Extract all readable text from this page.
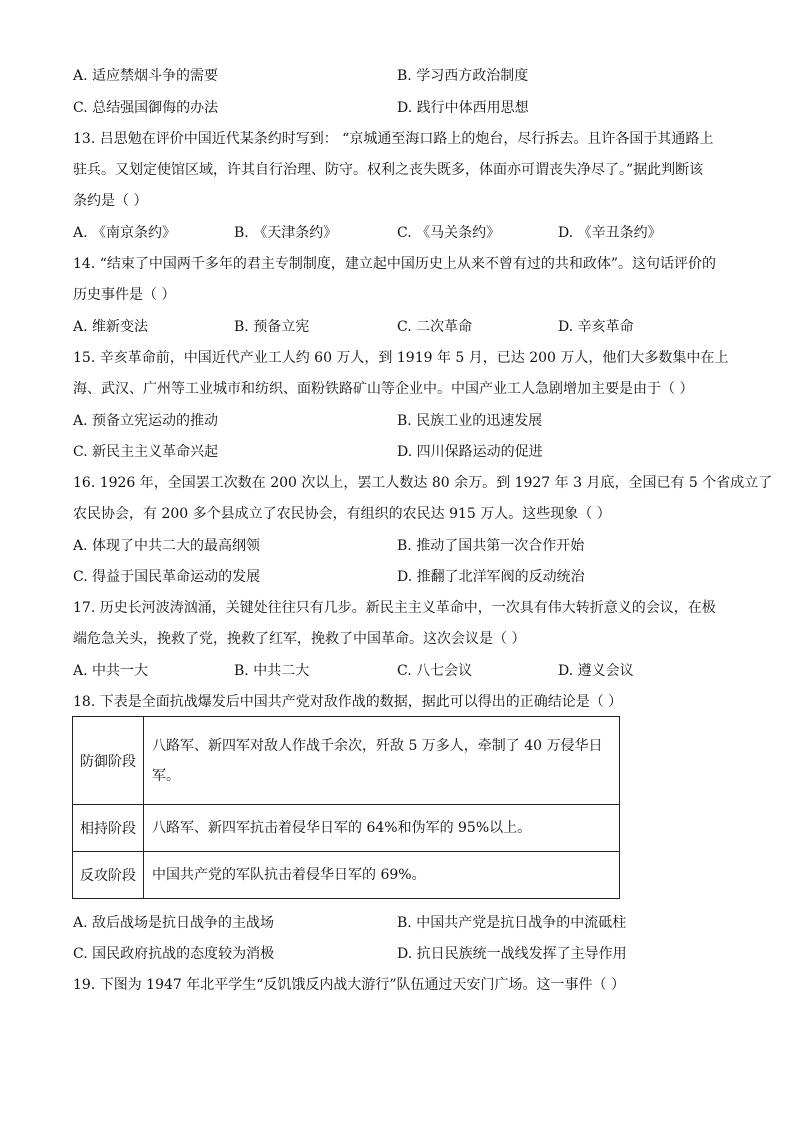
A. 适应禁烟斗争的需要	B. 学习西方政治制度
C. 总结强国御侮的办法	D. 践行中体西用思想
13. 吕思勉在评价中国近代某条约时写到： “京城通至海口路上的炮台，尽行拆去。且许各国于其通路上
驻兵。又划定使馆区域，许其自行治理、防守。权利之丧失既多，体面亦可谓丧失净尽了。”据此判断该
条约是（ ）
A. 《南京条约》	B. 《天津条约》	C. 《马关条约》	D. 《辛丑条约》
14. “结束了中国两千多年的君主专制制度，建立起中国历史上从来不曾有过的共和政体”。这句话评价的
历史事件是（ ）
A. 维新变法	B. 预备立宪	C. 二次革命	D. 辛亥革命
15. 辛亥革命前，中国近代产业工人约 60 万人，到 1919 年 5 月，已达 200 万人，他们大多数集中在上
海、武汉、广州等工业城市和纺织、面粉铁路矿山等企业中。中国产业工人急剧增加主要是由于（ ）
A. 预备立宪运动的推动	B. 民族工业的迅速发展
C. 新民主主义革命兴起	D. 四川保路运动的促进
16. 1926 年，全国罢工次数在 200 次以上，罢工人数达 80 余万。到 1927 年 3 月底，全国已有 5 个省成立了
农民协会，有 200 多个县成立了农民协会，有组织的农民达 915 万人。这些现象（ ）
A. 体现了中共二大的最高纲领	B. 推动了国共第一次合作开始
C. 得益于国民革命运动的发展	D. 推翻了北洋军阀的反动统治
17. 历史长河波涛汹涌，关键处往往只有几步。新民主主义革命中，一次具有伟大转折意义的会议，在极
端危急关头，挽救了党，挽救了红军，挽救了中国革命。这次会议是（ ）
A. 中共一大	B. 中共二大	C. 八七会议	D. 遵义会议
18. 下表是全面抗战爆发后中国共产党对敌作战的数据，据此可以得出的正确结论是（ ）
防御阶段	八路军、新四军对敌人作战千余次，歼敌 5 万多人，牵制了 40 万侵华日军。
相持阶段	八路军、新四军抗击着侵华日军的 64%和伪军的 95%以上。
反攻阶段	中国共产党的军队抗击着侵华日军的 69%。
A. 敌后战场是抗日战争的主战场	B. 中国共产党是抗日战争的中流砥柱
C. 国民政府抗战的态度较为消极	D. 抗日民族统一战线发挥了主导作用
19. 下图为 1947 年北平学生“反饥饿反内战大游行”队伍通过天安门广场。这一事件（ ）
